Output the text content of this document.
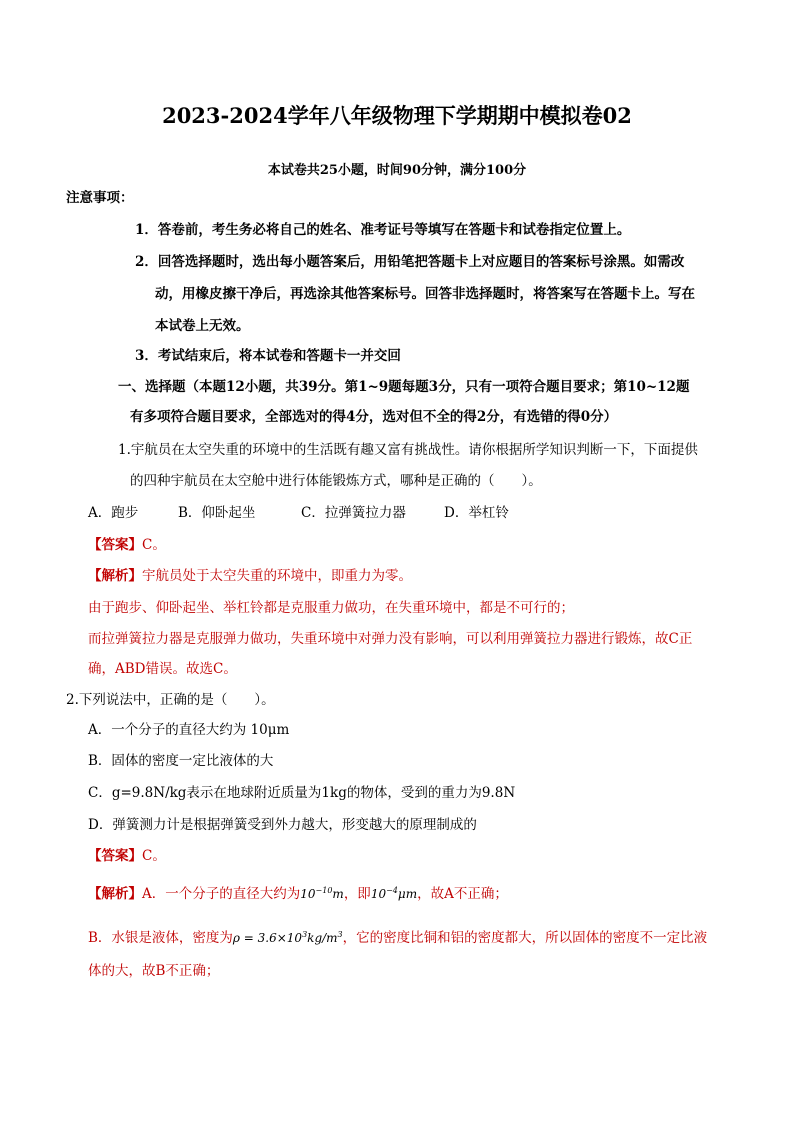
2023-2024学年八年级物理下学期期中模拟卷02
本试卷共25小题，时间90分钟，满分100分
注意事项：
1．答卷前，考生务必将自己的姓名、准考证号等填写在答题卡和试卷指定位置上。
2．回答选择题时，选出每小题答案后，用铅笔把答题卡上对应题目的答案标号涂黑。如需改
动，用橡皮擦干净后，再选涂其他答案标号。回答非选择题时，将答案写在答题卡上。写在
本试卷上无效。
3．考试结束后，将本试卷和答题卡一并交回
一、选择题（本题12小题，共39分。第1~9题每题3分，只有一项符合题目要求；第10~12题
有多项符合题目要求，全部选对的得4分，选对但不全的得2分，有选错的得0分）
1.宇航员在太空失重的环境中的生活既有趣又富有挑战性。请你根据所学知识判断一下，下面提供
的四种宇航员在太空舱中进行体能锻炼方式，哪种是正确的（　　）。
A．跑步	B．仰卧起坐	C．拉弹簧拉力器	D．举杠铃
【答案】C。
【解析】宇航员处于太空失重的环境中，即重力为零。
由于跑步、仰卧起坐、举杠铃都是克服重力做功，在失重环境中，都是不可行的；
而拉弹簧拉力器是克服弹力做功，失重环境中对弹力没有影响，可以利用弹簧拉力器进行锻炼，故C正
确，ABD错误。故选C。
2.下列说法中，正确的是（　　）。
A．一个分子的直径大约为 10μm
B．固体的密度一定比液体的大
C．g=9.8N/kg表示在地球附近质量为1kg的物体，受到的重力为9.8N
D．弹簧测力计是根据弹簧受到外力越大，形变越大的原理制成的
【答案】C。
【解析】A．一个分子的直径大约为$10^{-10}m$，即$10^{-4}\mu m$，故A不正确；
B．水银是液体，密度为$\rho = 3.6\times 10^3kg/m^3$，它的密度比铜和铝的密度都大，所以固体的密度不一定比液
体的大，故B不正确；
